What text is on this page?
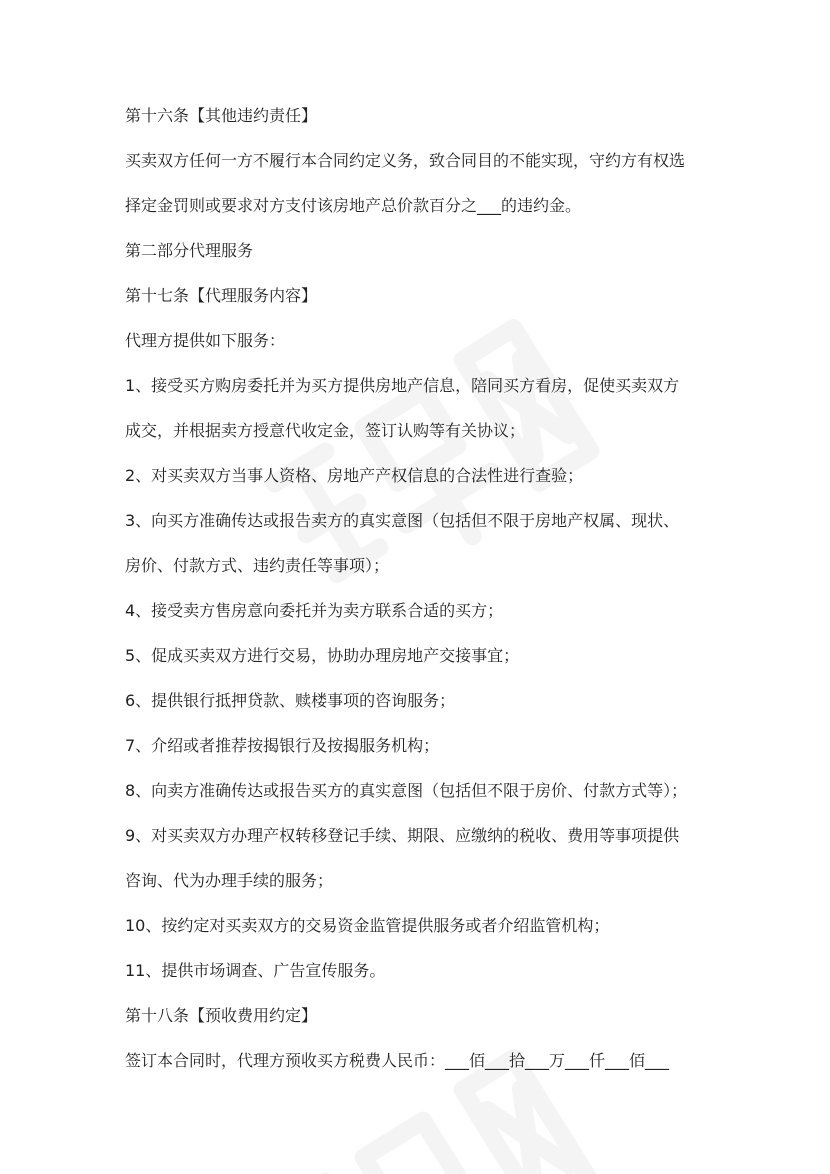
第十六条【其他违约责任】
买卖双方任何一方不履行本合同约定义务，致合同目的不能实现，守约方有权选
择定金罚则或要求对方支付该房地产总价款百分之___的违约金。
第二部分代理服务
第十七条【代理服务内容】
代理方提供如下服务：
1、接受买方购房委托并为买方提供房地产信息，陪同买方看房，促使买卖双方
成交，并根据卖方授意代收定金，签订认购等有关协议；
2、对买卖双方当事人资格、房地产产权信息的合法性进行查验；
3、向买方准确传达或报告卖方的真实意图（包括但不限于房地产权属、现状、
房价、付款方式、违约责任等事项）；
4、接受卖方售房意向委托并为卖方联系合适的买方；
5、促成买卖双方进行交易，协助办理房地产交接事宜；
6、提供银行抵押贷款、赎楼事项的咨询服务；
7、介绍或者推荐按揭银行及按揭服务机构；
8、向卖方准确传达或报告买方的真实意图（包括但不限于房价、付款方式等）；
9、对买卖双方办理产权转移登记手续、期限、应缴纳的税收、费用等事项提供
咨询、代为办理手续的服务；
10、按约定对买卖双方的交易资金监管提供服务或者介绍监管机构；
11、提供市场调查、广告宣传服务。
第十八条【预收费用约定】
签订本合同时，代理方预收买方税费人民币：___佰___拾___万___仟___佰___
